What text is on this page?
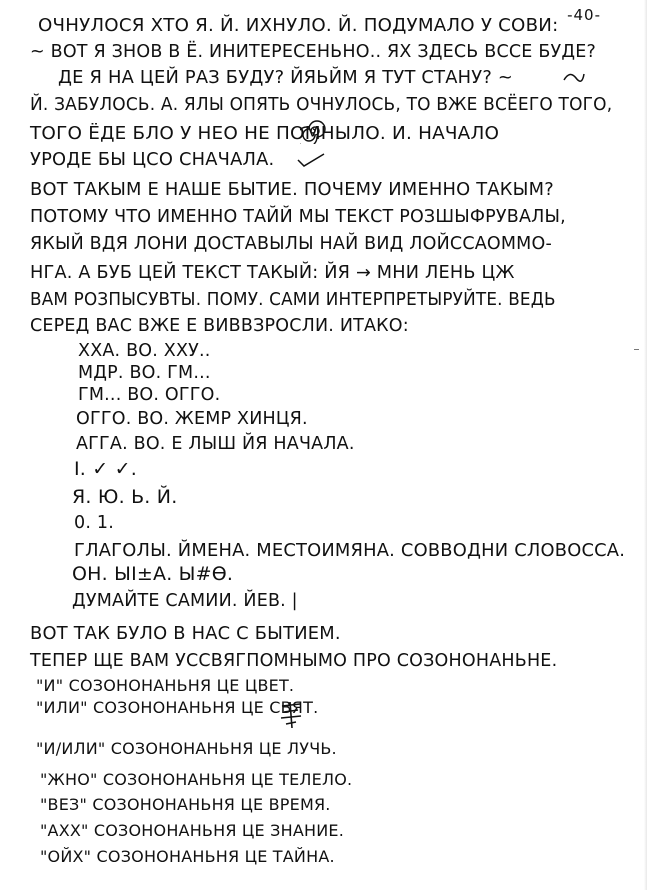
-40-
ОЧНУЛОСЯ ХТО Я. Й. ИХНУЛО. Й. ПОДУМАЛО У СОВИ:
~ ВОТ Я ЗНОВ В Ё. ИНИТЕРЕСЕНЬНО.. ЯХ ЗДЕСЬ ВССЕ БУДЕ?
ДЕ Я НА ЦЕЙ РАЗ БУДУ? ЙЯЬЙМ Я ТУТ СТАНУ? ~
Й. ЗАБУЛОСЬ. А. ЯЛЫ ОПЯТЬ ОЧНУЛОСЬ, ТО ВЖЕ ВСЁЕГО ТОГО,
ТОГО ЁДЕ БЛО У НЕО НЕ ПОМНЫЛО. И. НАЧАЛО
УРОДЕ БЫ ЦСО СНАЧАЛА.
ВОТ ТАКЫМ Е НАШЕ БЫТИЕ. ПОЧЕМУ ИМЕННО ТАКЫМ?
ПОТОМУ ЧТО ИМЕННО ТАЙЙ МЫ ТЕКСТ РОЗШЫФРУВАЛЫ,
ЯКЫЙ ВДЯ ЛОНИ ДОСТАВЫЛЫ НАЙ ВИД ЛОЙССАОММО-
НГА. А БУБ ЦЕЙ ТЕКСТ ТАКЫЙ: ЙЯ → МНИ ЛЕНЬ ЦЖ
ВАМ РОЗПЫСУВТЫ. ПОМУ. САМИ ИНТЕРПРЕТЫРУЙТЕ. ВЕДЬ
СЕРЕД ВАС ВЖЕ Е ВИВВЗРОСЛИ. ИТАКО:
ХХА. ВО. ХХУ..
МДР. ВО. ГМ...
ГМ... ВО. ОГГО.
ОГГО. ВО. ЖЕМР ХИНЦЯ.
АГГА. ВО. Е ЛЫШ ЙЯ НАЧАЛА.
I. ✓ ✓.
Я. Ю. Ь. Й.
0. 1.
ГЛАГОЛЫ. ЙМЕНА. МЕСТОИМЯНА. СОВВОДНИ СЛОВОССА.
ОН. ЫI±А. Ы#Ѳ.
ДУМАЙТЕ САМИИ. ЙЕВ. |
ВОТ ТАК БУЛО В НАС С БЫТИЕМ.
ТЕПЕР ЩЕ ВАМ УССВЯГПОМНЫМО ПРО СОЗОНОНАНЬНЕ.
"И" СОЗОНОНАНЬНЯ ЦЕ ЦВЕТ.
"ИЛИ" СОЗОНОНАНЬНЯ ЦЕ СВЯТ.
"И/ИЛИ" СОЗОНОНАНЬНЯ ЦЕ ЛУЧЬ.
"ЖНО" СОЗОНОНАНЬНЯ ЦЕ ТЕЛЕЛО.
"ВЕЗ" СОЗОНОНАНЬНЯ ЦЕ ВРЕМЯ.
"АХХ" СОЗОНОНАНЬНЯ ЦЕ ЗНАНИЕ.
"ОЙХ" СОЗОНОНАНЬНЯ ЦЕ ТАЙНА.
